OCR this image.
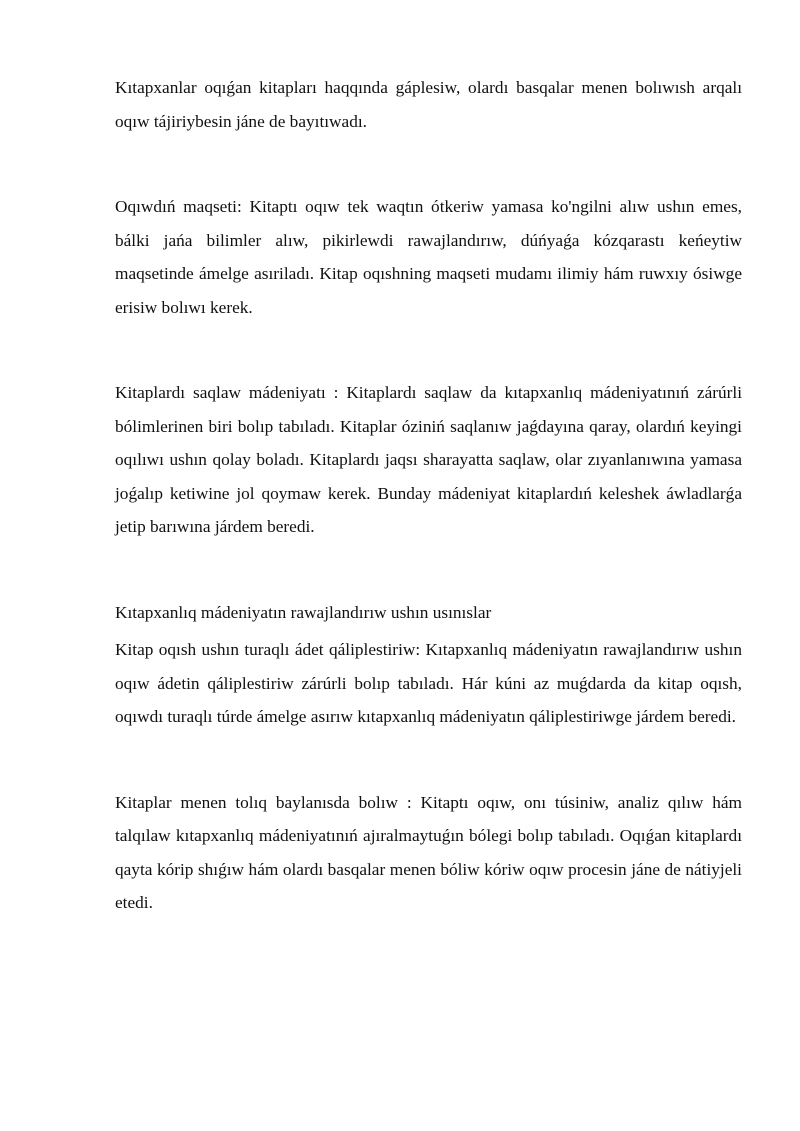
Kıtapxanlar oqıǵan kitapları haqqında gáplesiw, olardı basqalar menen bolıwısh arqalı oqıw tájiriybesin jáne de bayıtıwadı.

Oqıwdıń maqseti: Kitaptı oqıw tek waqtın ótkeriw yamasa ko'ngilni alıw ushın emes, bálki jańa bilimler alıw, pikirlewdi rawajlandırıw, dúńyaǵa kózqarastı keńeytiw maqsetinde ámelge asıriladı. Kitap oqıshning maqseti mudamı ilimiy hám ruwxıy ósiwge erisiw bolıwı kerek.

Kitaplardı saqlaw mádeniyatı : Kitaplardı saqlaw da kıtapxanlıq mádeniyatınıń zárúrli bólimlerinen biri bolıp tabıladı. Kitaplar óziniń saqlanıw jaǵdayına qaray, olardıń keyingi oqılıwı ushın qolay boladı. Kitaplardı jaqsı sharayatta saqlaw, olar zıyanlanıwına yamasa joǵalıp ketiwine jol qoymaw kerek. Bunday mádeniyat kitaplardıń keleshek áwladlarǵa jetip barıwına járdem beredi.

Kıtapxanlıq mádeniyatın rawajlandırıw ushın usınıslar

Kitap oqısh ushın turaqlı ádet qáliplestiriw: Kıtapxanlıq mádeniyatın rawajlandırıw ushın oqıw ádetin qáliplestiriw zárúrli bolıp tabıladı. Hár kúni az muǵdarda da kitap oqısh, oqıwdı turaqlı túrde ámelge asırıw kıtapxanlıq mádeniyatın qáliplestiriwge járdem beredi.

Kitaplar menen tolıq baylanısda bolıw : Kitaptı oqıw, onı túsiniw, analiz qılıw hám talqılaw kıtapxanlıq mádeniyatınıń ajıralmaytuǵın bólegi bolıp tabıladı. Oqıǵan kitaplardı qayta kórip shıǵıw hám olardı basqalar menen bóliw kóriw oqıw procesin jáne de nátiyjeli etedi.
